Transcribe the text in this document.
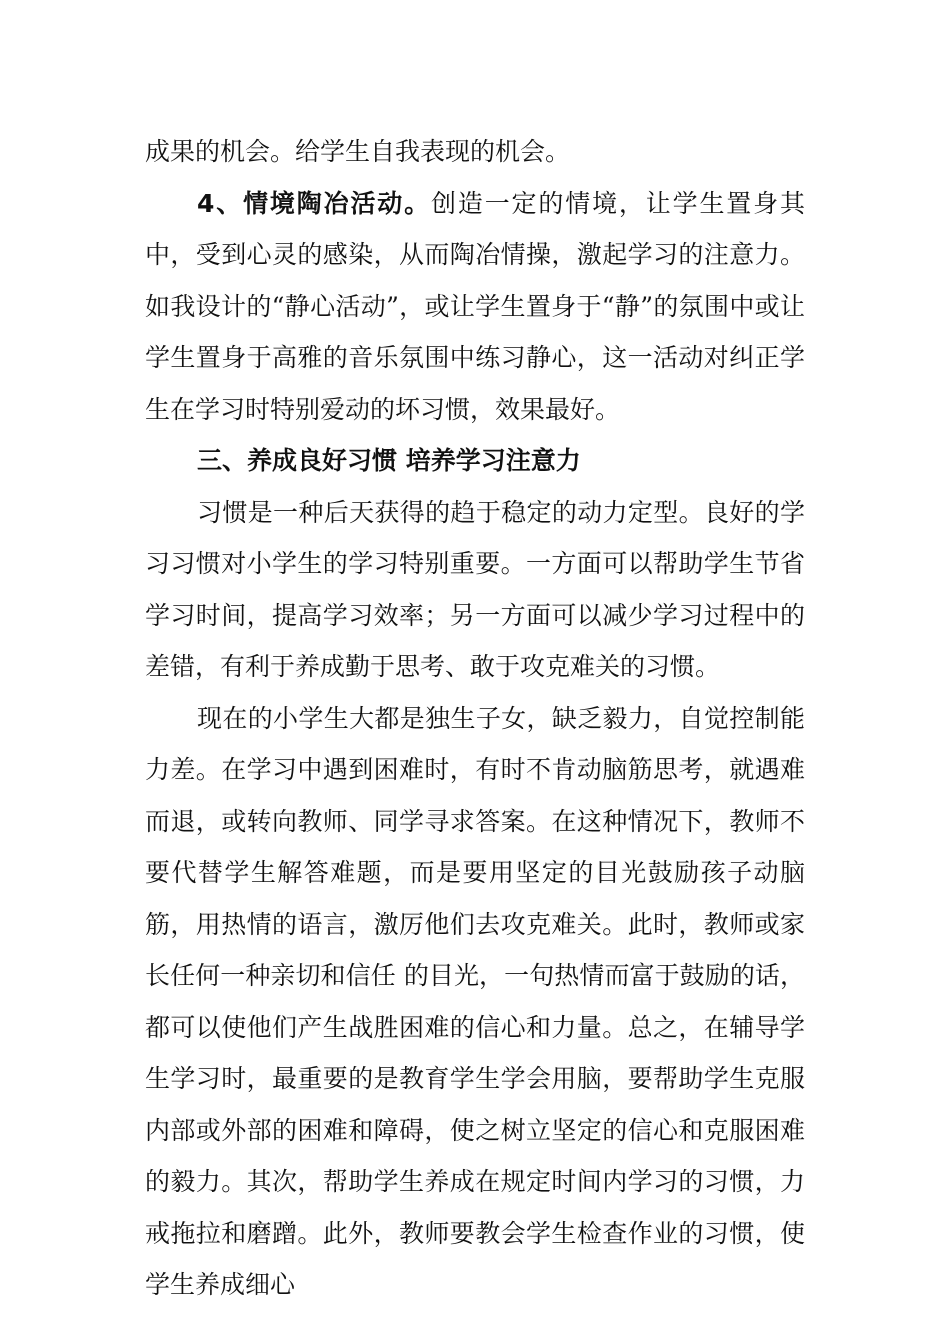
成果的机会。给学生自我表现的机会。

4、情境陶冶活动。创造一定的情境，让学生置身其中，受到心灵的感染，从而陶冶情操，激起学习的注意力。如我设计的“静心活动”，或让学生置身于“静”的氛围中或让学生置身于高雅的音乐氛围中练习静心，这一活动对纠正学生在学习时特别爱动的坏习惯，效果最好。

三、养成良好习惯 培养学习注意力

习惯是一种后天获得的趋于稳定的动力定型。良好的学习习惯对小学生的学习特别重要。一方面可以帮助学生节省学习时间，提高学习效率；另一方面可以减少学习过程中的差错，有利于养成勤于思考、敢于攻克难关的习惯。

现在的小学生大都是独生子女，缺乏毅力，自觉控制能力差。在学习中遇到困难时，有时不肯动脑筋思考，就遇难而退，或转向教师、同学寻求答案。在这种情况下，教师不要代替学生解答难题，而是要用坚定的目光鼓励孩子动脑筋，用热情的语言，激厉他们去攻克难关。此时，教师或家长任何一种亲切和信任 的目光，一句热情而富于鼓励的话，都可以使他们产生战胜困难的信心和力量。总之，在辅导学生学习时，最重要的是教育学生学会用脑，要帮助学生克服内部或外部的困难和障碍，使之树立坚定的信心和克服困难的毅力。其次，帮助学生养成在规定时间内学习的习惯，力戒拖拉和磨蹭。此外，教师要教会学生检查作业的习惯，使学生养成细心
